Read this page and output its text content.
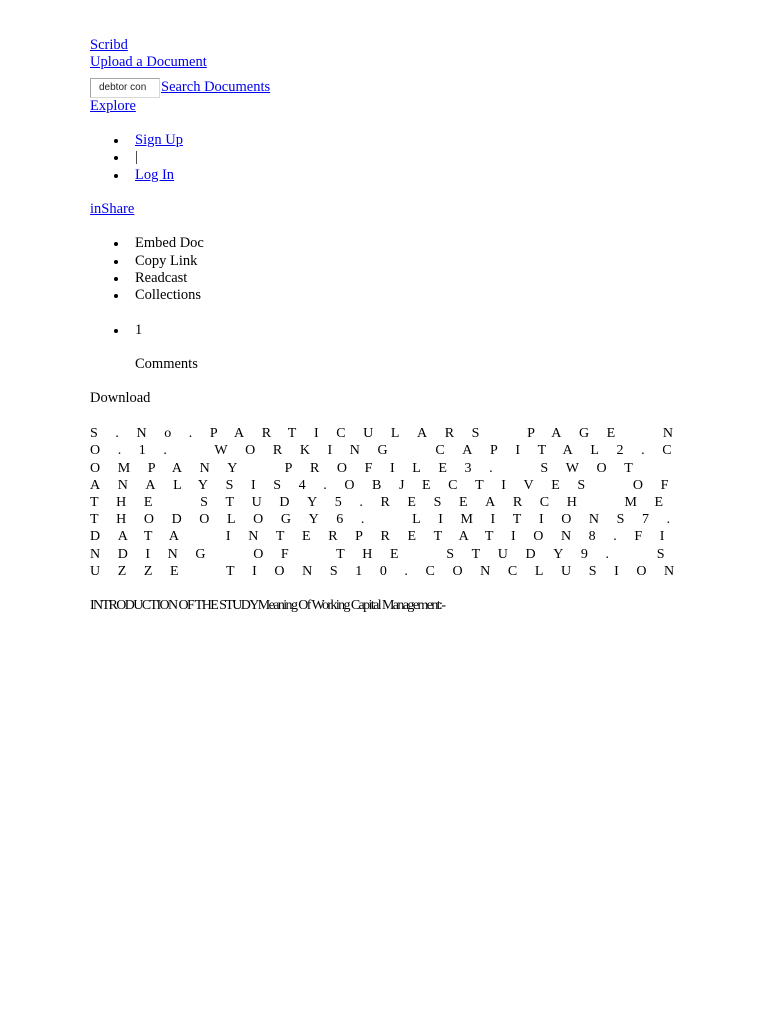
Scribd
Upload a Document
debtor con
Search Documents
Explore
Sign Up
|
Log In
inShare
Embed Doc
Copy Link
Readcast
Collections
1
Comments
Download
S.No.PARTICULARS PAGE NO.1. WORKING CAPITAL2.COMPANY PROFILE3. SWOT ANALYSIS4.OBJECTIVES OF THE STUDY5.RESEARCH METHODOLOGY6. LIMITIONS7.DATA INTERPRETATION8.FINDING OF THE STUDY9. SUZZE TIONS10.CONCLUSION
INTRODUCTION OF THE STUDYMeaning Of Working Capital Management:-
